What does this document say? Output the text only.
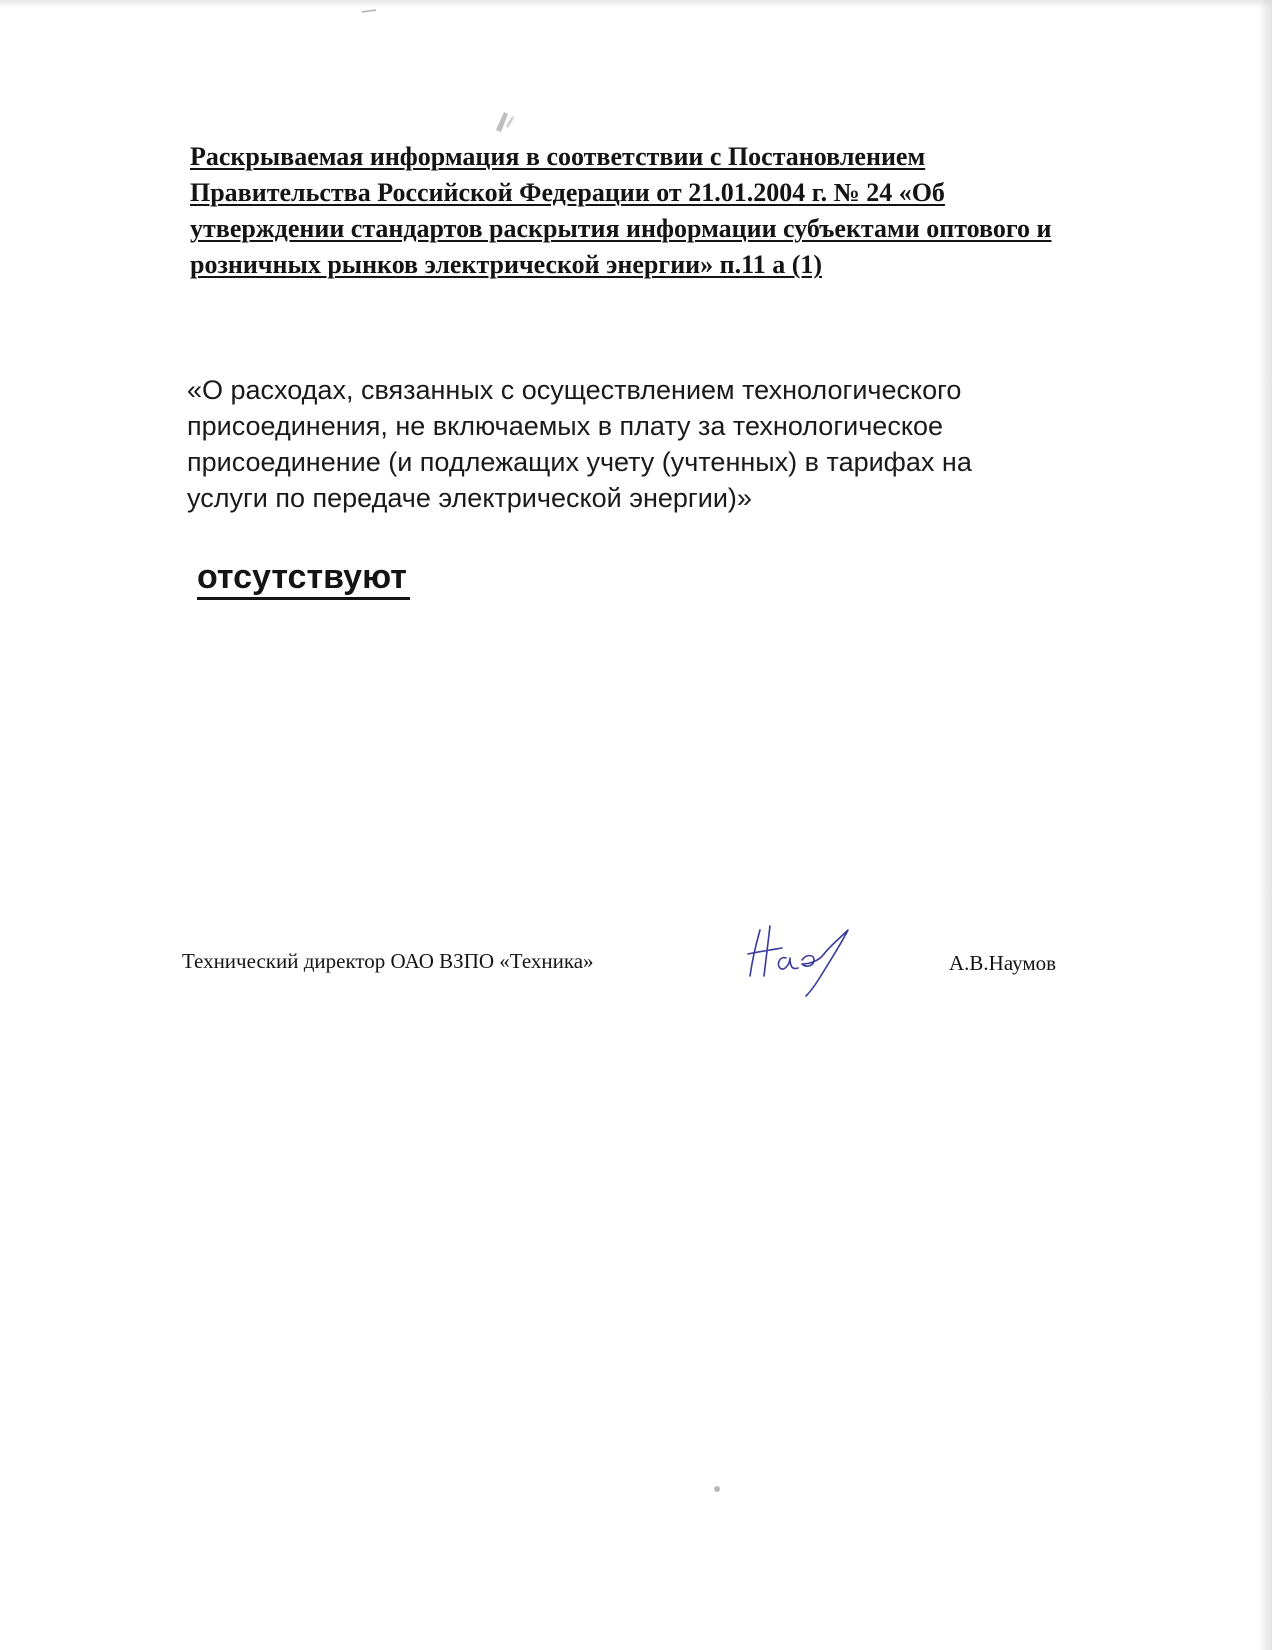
Раскрываемая информация в соответствии с Постановлением
Правительства Российской Федерации от 21.01.2004 г. № 24 «Об
утверждении стандартов раскрытия информации субъектами оптового и
розничных рынков электрической энергии» п.11 а (1)

«О расходах, связанных с осуществлением технологического
присоединения, не включаемых в плату за технологическое
присоединение (и подлежащих учету (учтенных) в тарифах на
услуги по передаче электрической энергии)»

отсутствуют

Технический директор ОАО ВЗПО «Техника»	А.В.Наумов
